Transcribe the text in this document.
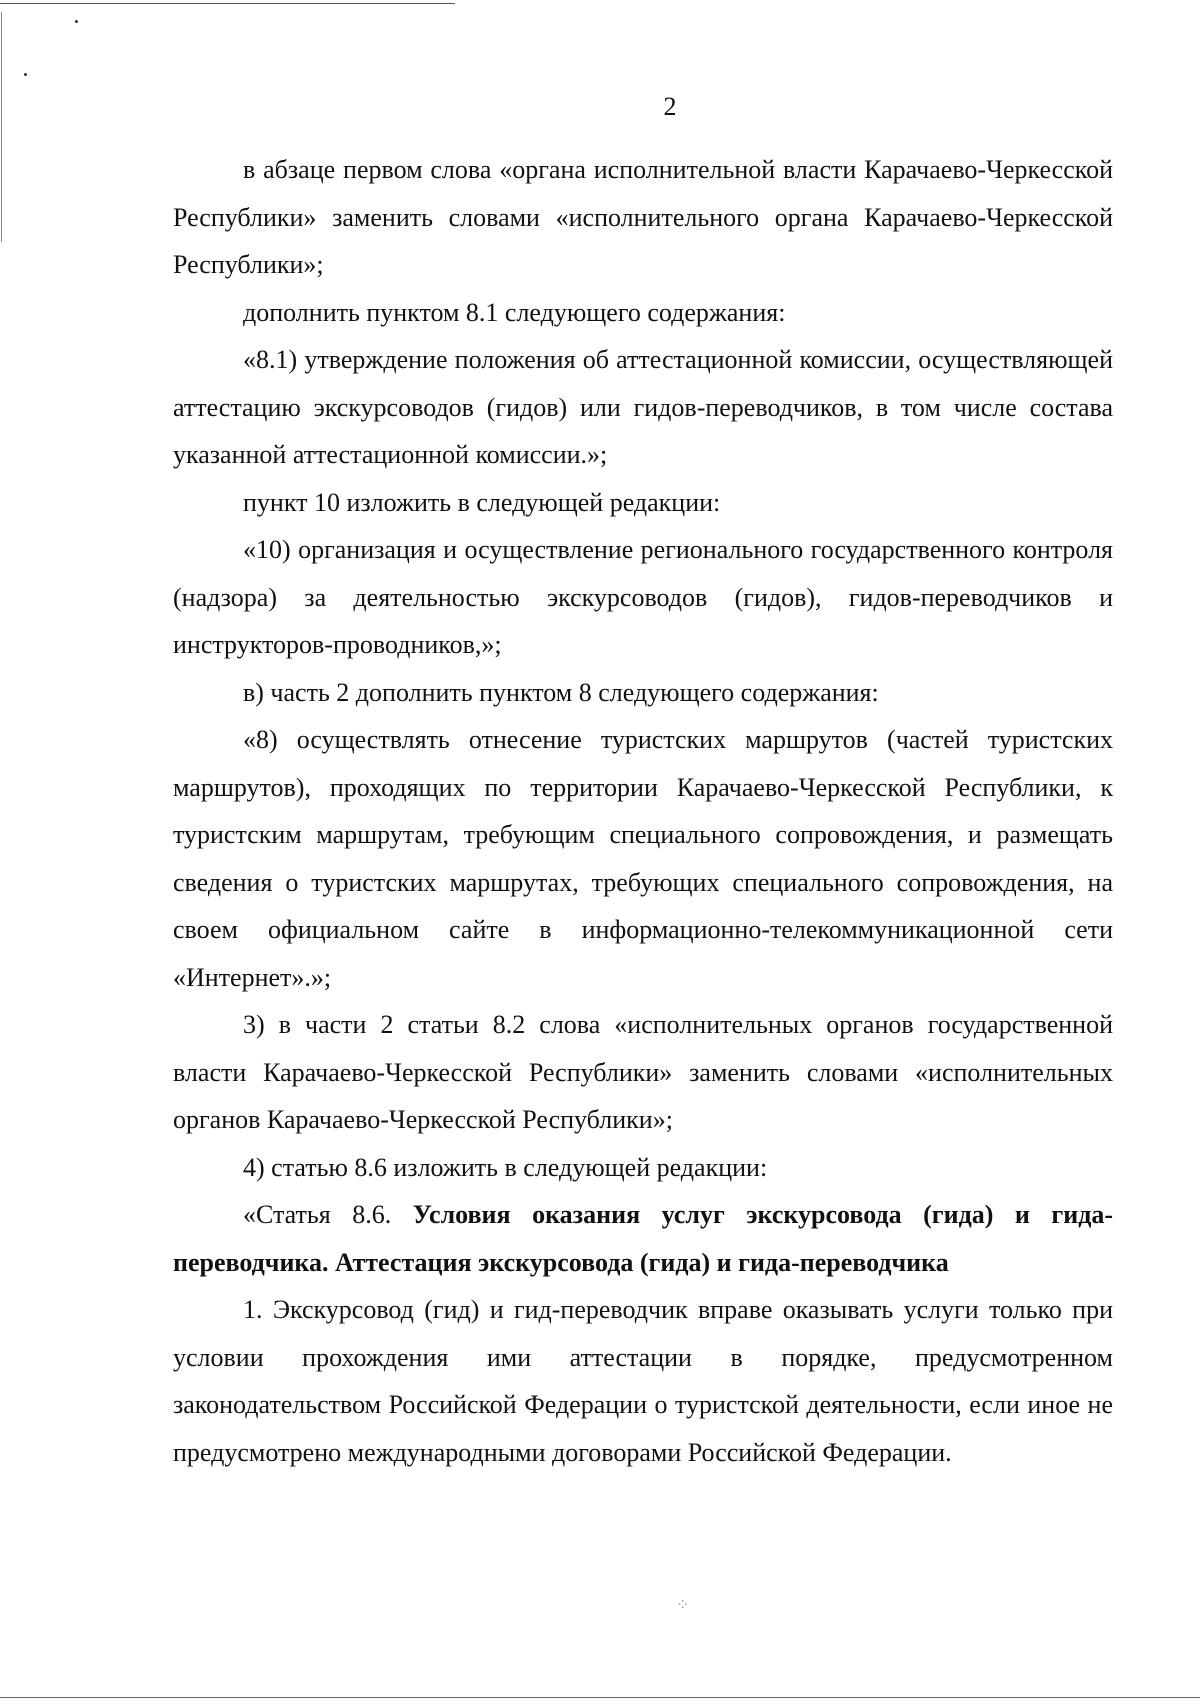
2

в абзаце первом слова «органа исполнительной власти Карачаево-Черкесской Республики» заменить словами «исполнительного органа Карачаево-Черкесской Республики»;

дополнить пунктом 8.1 следующего содержания:

«8.1) утверждение положения об аттестационной комиссии, осуществляющей аттестацию экскурсоводов (гидов) или гидов-переводчиков, в том числе состава указанной аттестационной комиссии.»;

пункт 10 изложить в следующей редакции:

«10) организация и осуществление регионального государственного контроля (надзора) за деятельностью экскурсоводов (гидов), гидов-переводчиков и инструкторов-проводников,»;

в) часть 2 дополнить пунктом 8 следующего содержания:

«8) осуществлять отнесение туристских маршрутов (частей туристских маршрутов), проходящих по территории Карачаево-Черкесской Республики, к туристским маршрутам, требующим специального сопровождения, и размещать сведения о туристских маршрутах, требующих специального сопровождения, на своем официальном сайте в информационно-телекоммуникационной сети «Интернет».»;

3) в части 2 статьи 8.2 слова «исполнительных органов государственной власти Карачаево-Черкесской Республики» заменить словами «исполнительных органов Карачаево-Черкесской Республики»;

4) статью 8.6 изложить в следующей редакции:

«Статья 8.6. Условия оказания услуг экскурсовода (гида) и гида-переводчика. Аттестация экскурсовода (гида) и гида-переводчика

1. Экскурсовод (гид) и гид-переводчик вправе оказывать услуги только при условии прохождения ими аттестации в порядке, предусмотренном законодательством Российской Федерации о туристской деятельности, если иное не предусмотрено международными договорами Российской Федерации.

⁘
